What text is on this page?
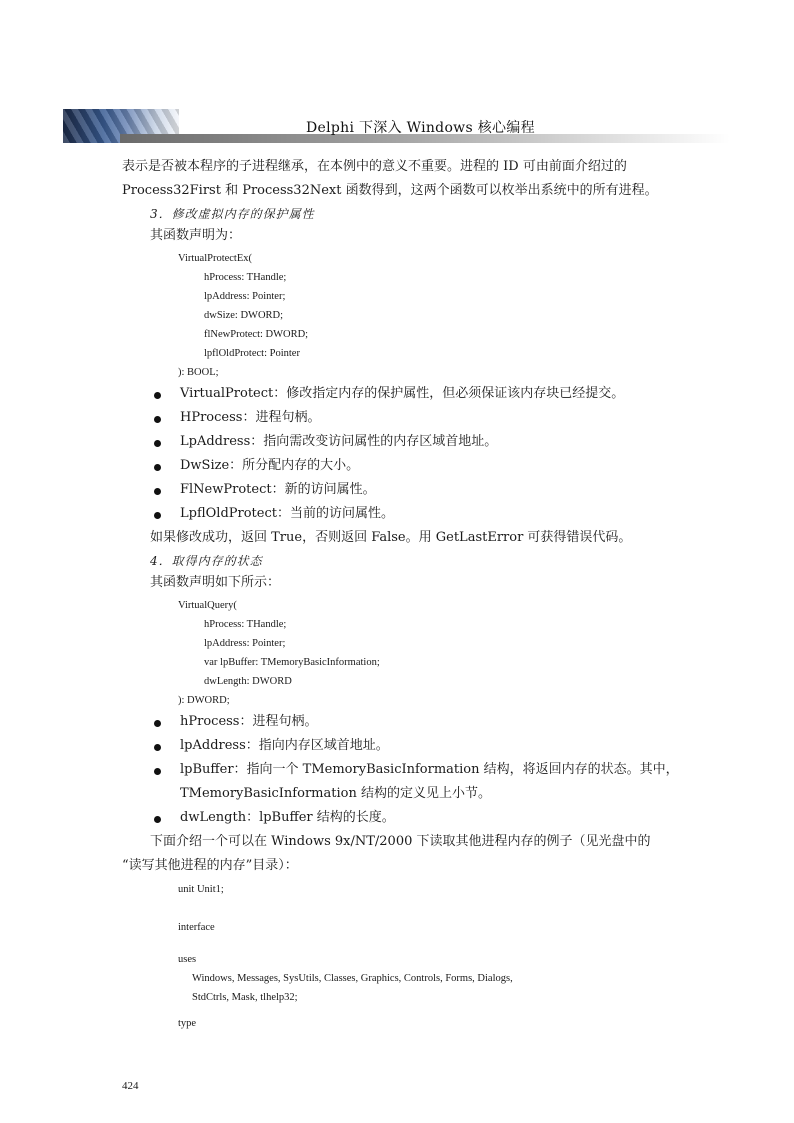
Delphi 下深入 Windows 核心编程
表示是否被本程序的子进程继承，在本例中的意义不重要。进程的 ID 可由前面介绍过的
Process32First 和 Process32Next 函数得到，这两个函数可以枚举出系统中的所有进程。
3．修改虚拟内存的保护属性
其函数声明为：
VirtualProtectEx(
hProcess: THandle;
lpAddress: Pointer;
dwSize: DWORD;
flNewProtect: DWORD;
lpflOldProtect: Pointer
): BOOL;
VirtualProtect：修改指定内存的保护属性，但必须保证该内存块已经提交。
HProcess：进程句柄。
LpAddress：指向需改变访问属性的内存区域首地址。
DwSize：所分配内存的大小。
FlNewProtect：新的访问属性。
LpflOldProtect：当前的访问属性。
如果修改成功，返回 True，否则返回 False。用 GetLastError 可获得错误代码。
4．取得内存的状态
其函数声明如下所示：
VirtualQuery(
hProcess: THandle;
lpAddress: Pointer;
var lpBuffer: TMemoryBasicInformation;
dwLength: DWORD
): DWORD;
hProcess：进程句柄。
lpAddress：指向内存区域首地址。
lpBuffer：指向一个 TMemoryBasicInformation 结构，将返回内存的状态。其中，
TMemoryBasicInformation 结构的定义见上小节。
dwLength：lpBuffer 结构的长度。
下面介绍一个可以在 Windows 9x/NT/2000 下读取其他进程内存的例子（见光盘中的
“读写其他进程的内存”目录）：
unit Unit1;
interface
uses
Windows, Messages, SysUtils, Classes, Graphics, Controls, Forms, Dialogs,
StdCtrls, Mask, tlhelp32;
type
424
